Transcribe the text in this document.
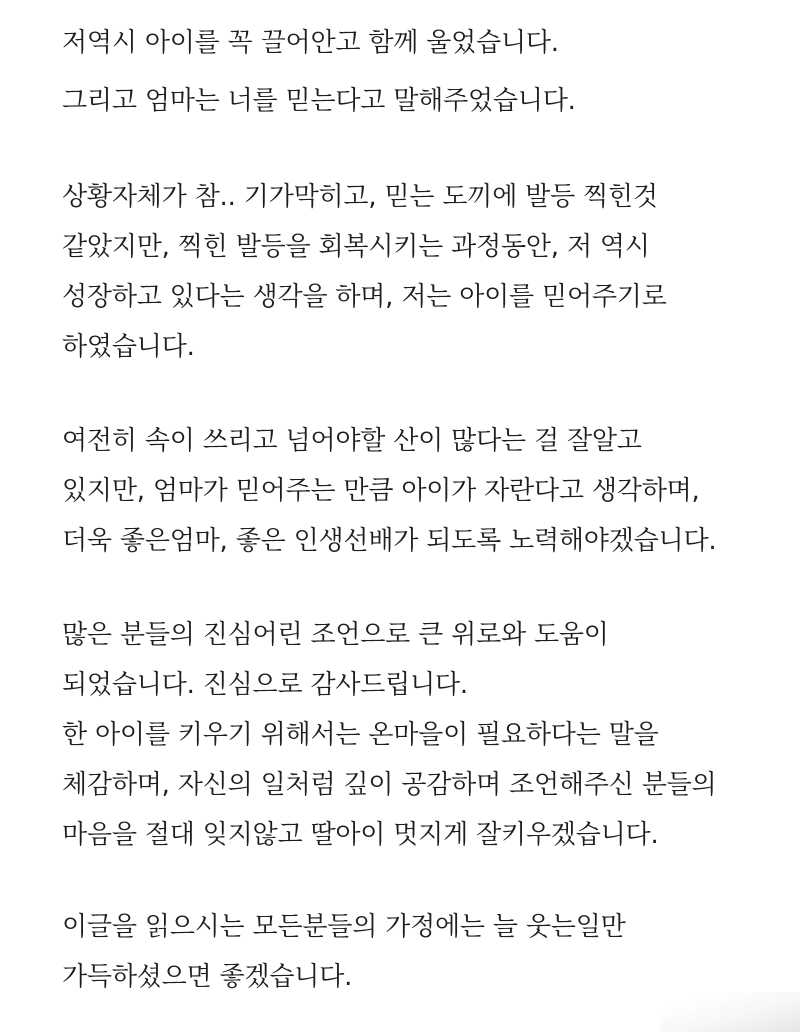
저역시 아이를 꼭 끌어안고 함께 울었습니다.

그리고 엄마는 너를 믿는다고 말해주었습니다.

상황자체가 참.. 기가막히고, 믿는 도끼에 발등 찍힌것

같았지만, 찍힌 발등을 회복시키는 과정동안, 저 역시

성장하고 있다는 생각을 하며, 저는 아이를 믿어주기로

하였습니다.

여전히 속이 쓰리고 넘어야할 산이 많다는 걸 잘알고

있지만, 엄마가 믿어주는 만큼 아이가 자란다고 생각하며,

더욱 좋은엄마, 좋은 인생선배가 되도록 노력해야겠습니다.

많은 분들의 진심어린 조언으로 큰 위로와 도움이

되었습니다. 진심으로 감사드립니다.

한 아이를 키우기 위해서는 온마을이 필요하다는 말을

체감하며, 자신의 일처럼 깊이 공감하며 조언해주신 분들의

마음을 절대 잊지않고 딸아이 멋지게 잘키우겠습니다.

이글을 읽으시는 모든분들의 가정에는 늘 웃는일만

가득하셨으면 좋겠습니다.
